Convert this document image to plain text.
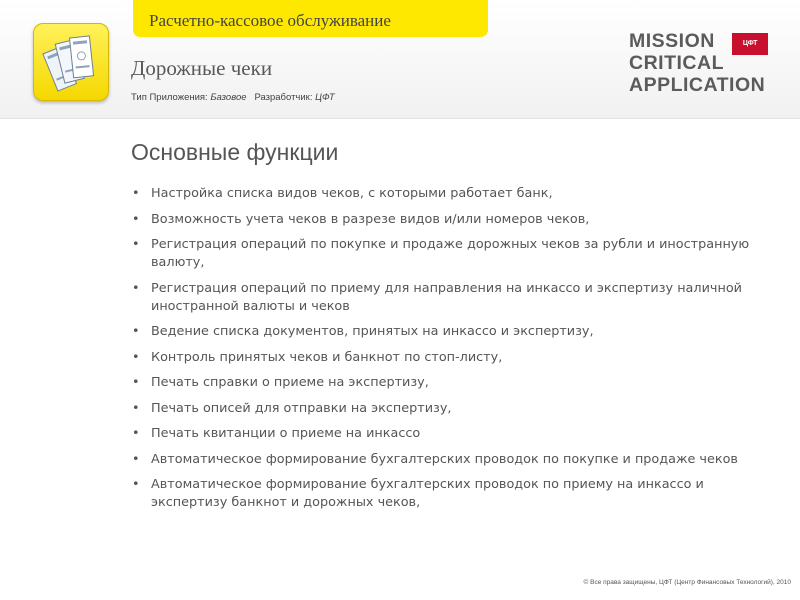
Расчетно-кассовое обслуживание
Дорожные чеки
Тип Приложения: Базовое Разработчик: ЦФТ
MISSION
CRITICAL
APPLICATION
ЦФТ
Основные функции
• Настройка списка видов чеков, с которыми работает банк,
• Возможность учета чеков в разрезе видов и/или номеров чеков,
• Регистрация операций по покупке и продаже дорожных чеков за рубли и иностранную валюту,
• Регистрация операций по приему для направления на инкассо и экспертизу наличной иностранной валюты и чеков
• Ведение списка документов, принятых на инкассо и экспертизу,
• Контроль принятых чеков и банкнот по стоп-листу,
• Печать справки о приеме на экспертизу,
• Печать описей для отправки на экспертизу,
• Печать квитанции о приеме на инкассо
• Автоматическое формирование бухгалтерских проводок по покупке и продаже чеков
• Автоматическое формирование бухгалтерских проводок по приему на инкассо и экспертизу банкнот и дорожных чеков,
© Все права защищены, ЦФТ (Центр Финансовых Технологий), 2010
